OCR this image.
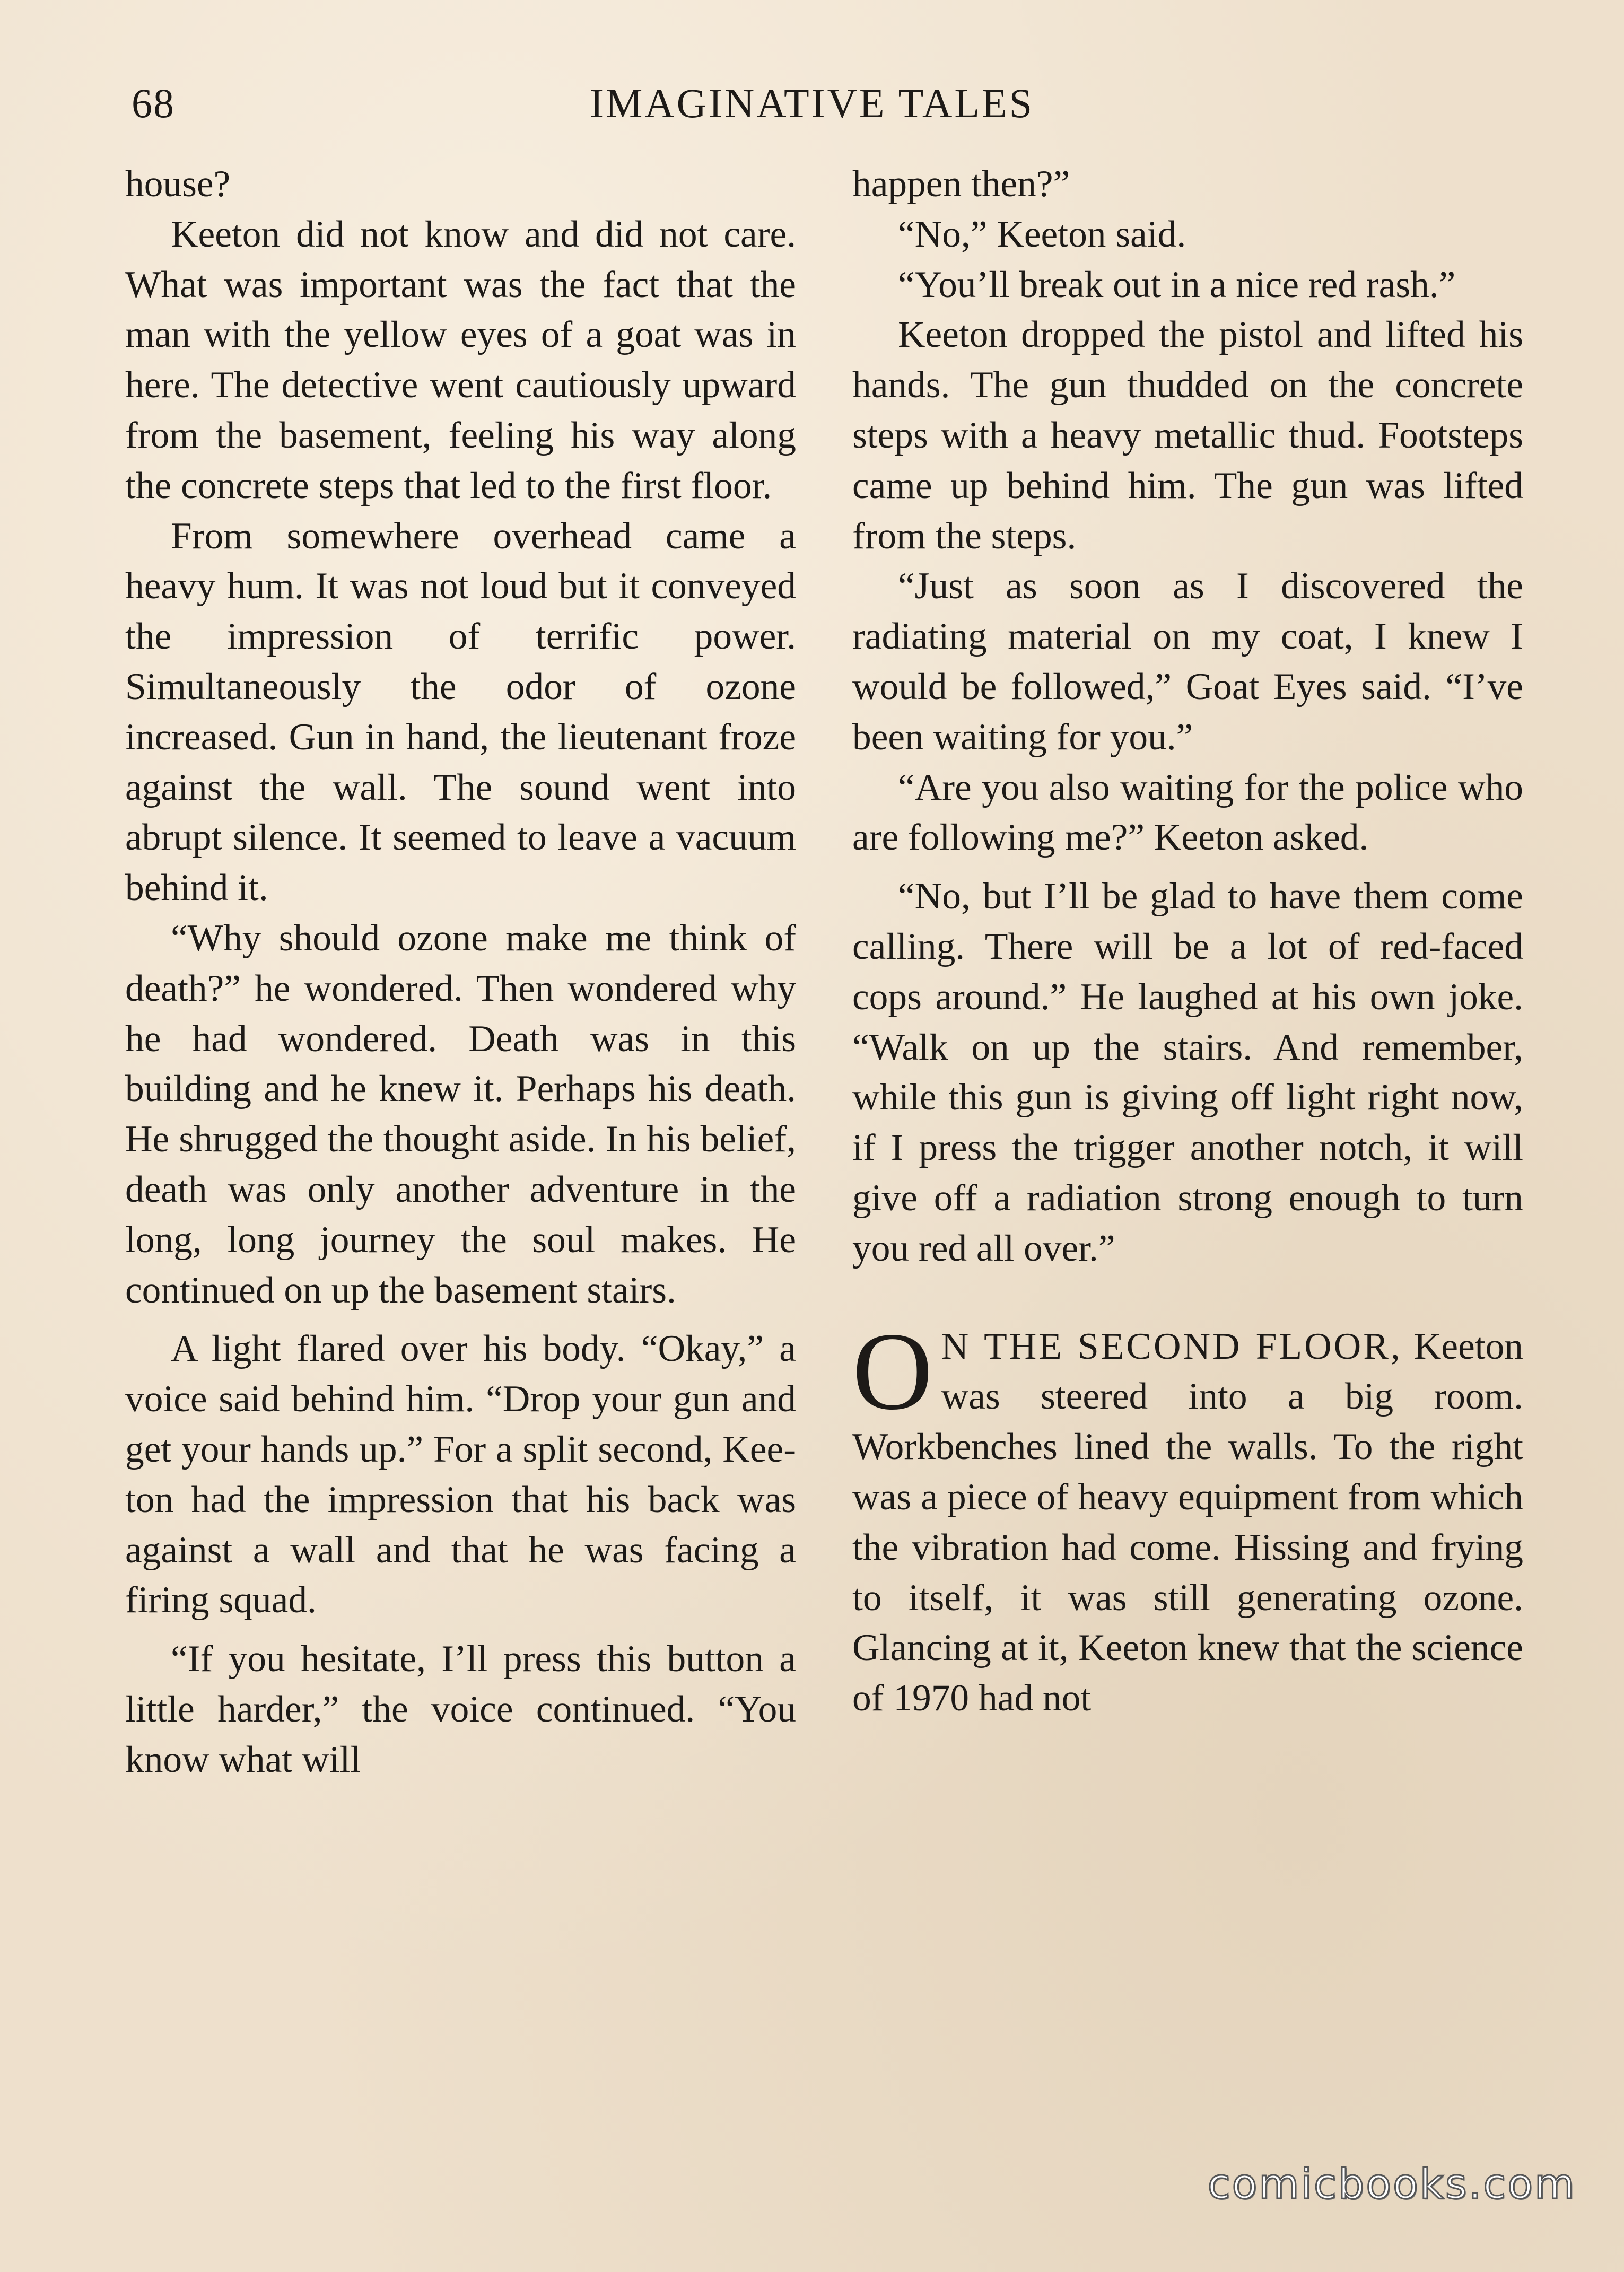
68	IMAGINATIVE TALES

house?

Keeton did not know and did not care. What was important was the fact that the man with the yellow eyes of a goat was in here. The detective went cautiously upward from the basement, feeling his way along the concrete steps that led to the first floor.

From somewhere overhead came a heavy hum. It was not loud but it conveyed the impression of terrific power. Simultaneously the odor of ozone increased. Gun in hand, the lieutenant froze against the wall. The sound went into abrupt silence. It seemed to leave a vacuum behind it.

“Why should ozone make me think of death?” he wondered. Then wondered why he had wondered. Death was in this building and he knew it. Perhaps his death. He shrugged the thought aside. In his belief, death was only another adventure in the long, long journey the soul makes. He continued on up the basement stairs.

A light flared over his body. “Okay,” a voice said behind him. “Drop your gun and get your hands up.” For a split second, Keeton had the impression that his back was against a wall and that he was facing a firing squad.

“If you hesitate, I’ll press this button a little harder,” the voice continued. “You know what will

happen then?”

“No,” Keeton said.

“You’ll break out in a nice red rash.”

Keeton dropped the pistol and lifted his hands. The gun thudded on the concrete steps with a heavy metallic thud. Footsteps came up behind him. The gun was lifted from the steps.

“Just as soon as I discovered the radiating material on my coat, I knew I would be followed,” Goat Eyes said. “I’ve been waiting for you.”

“Are you also waiting for the police who are following me?” Keeton asked.

“No, but I’ll be glad to have them come calling. There will be a lot of red-faced cops around.” He laughed at his own joke. “Walk on up the stairs. And remember, while this gun is giving off light right now, if I press the trigger another notch, it will give off a radiation strong enough to turn you red all over.”

O N THE SECOND FLOOR, Keeton was steered into a big room. Workbenches lined the walls. To the right was a piece of heavy equipment from which the vibration had come. Hissing and frying to itself, it was still generating ozone. Glancing at it, Keeton knew that the science of 1970 had not

comicbooks.com
